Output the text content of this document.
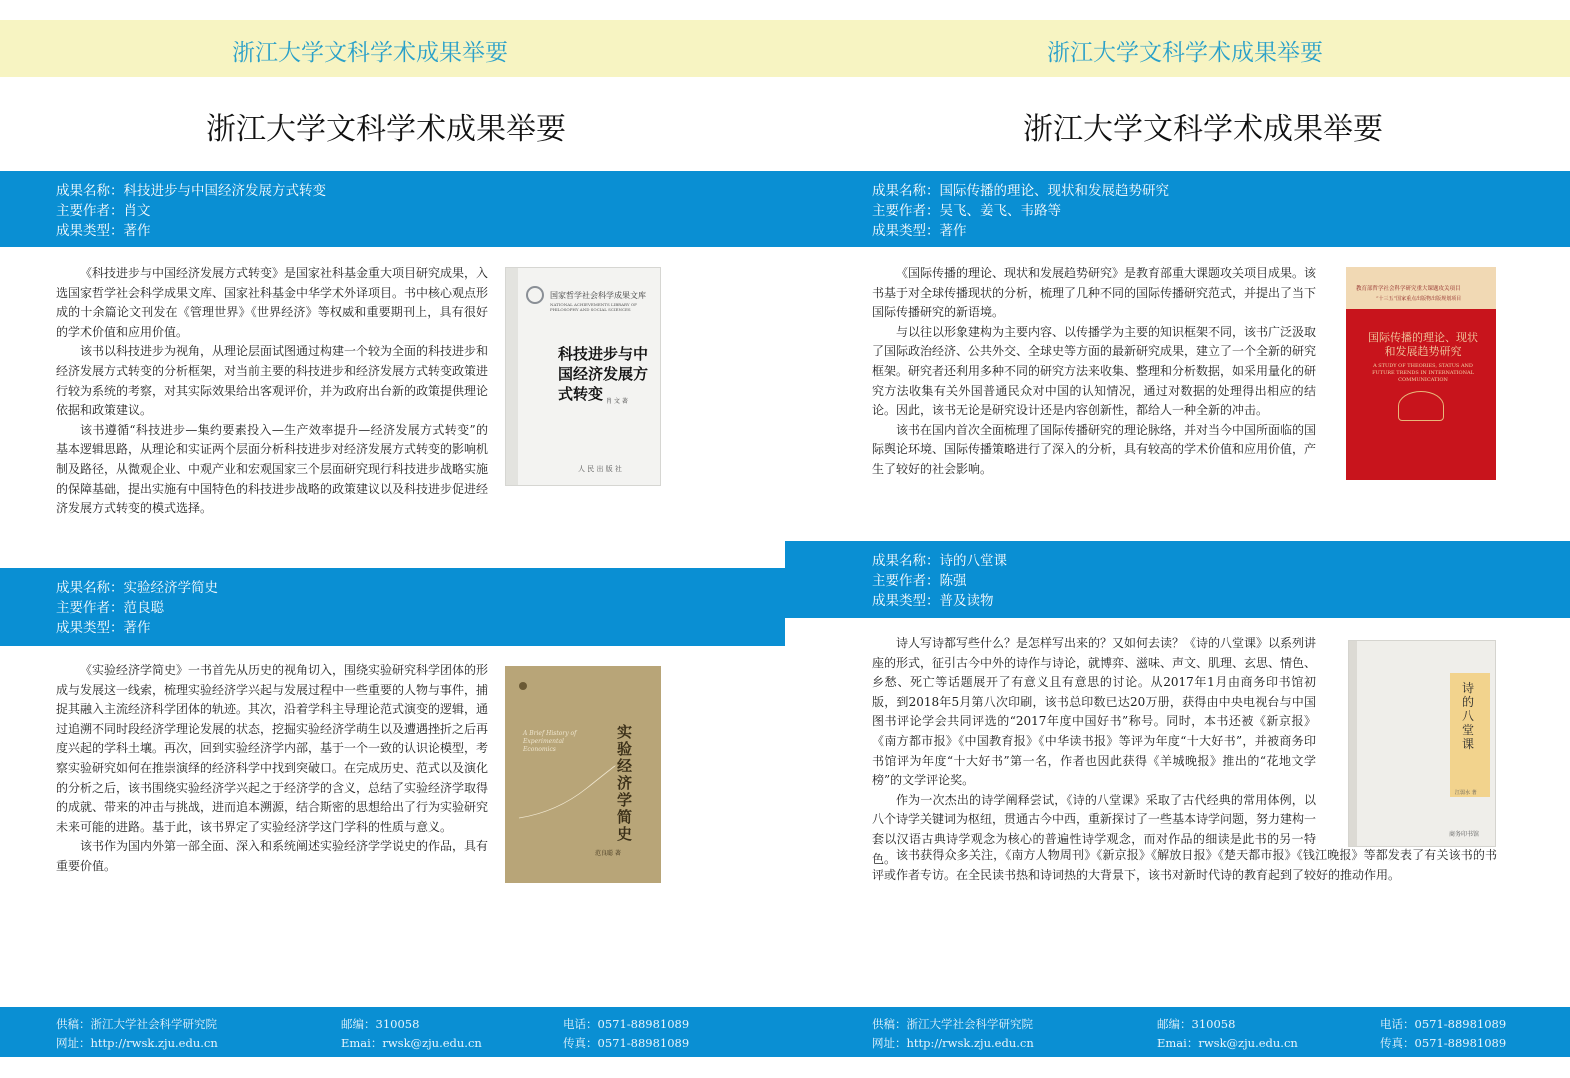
浙江大学文科学术成果举要
浙江大学文科学术成果举要
成果名称：科技进步与中国经济发展方式转变
主要作者：肖文
成果类型：著作

《科技进步与中国经济发展方式转变》是国家社科基金重大项目研究成果，入选国家哲学社会科学成果文库、国家社科基金中华学术外译项目。书中核心观点形成的十余篇论文刊发在《管理世界》《世界经济》等权威和重要期刊上，具有很好的学术价值和应用价值。

该书以科技进步为视角，从理论层面试图通过构建一个较为全面的科技进步和经济发展方式转变的分析框架，对当前主要的科技进步和经济发展方式转变政策进行较为系统的考察，对其实际效果给出客观评价，并为政府出台新的政策提供理论依据和政策建议。

该书遵循“科技进步—集约要素投入—生产效率提升—经济发展方式转变”的基本逻辑思路，从理论和实证两个层面分析科技进步对经济发展方式转变的影响机制及路径，从微观企业、中观产业和宏观国家三个层面研究现行科技进步战略实施的保障基础，提出实施有中国特色的科技进步战略的政策建议以及科技进步促进经济发展方式转变的模式选择。

国家哲学社会科学成果文库
NATIONAL ACHIEVEMENTS LIBRARY OF PHILOSOPHY AND SOCIAL SCIENCES
科技进步与中国经济发展方式转变 肖 文 著
人 民 出 版 社
成果名称：实验经济学简史
主要作者：范良聪
成果类型：著作

《实验经济学简史》一书首先从历史的视角切入，围绕实验研究科学团体的形成与发展这一线索，梳理实验经济学兴起与发展过程中一些重要的人物与事件，捕捉其融入主流经济科学团体的轨迹。其次，沿着学科主导理论范式演变的逻辑，通过追溯不同时段经济学理论发展的状态，挖掘实验经济学萌生以及遭遇挫折之后再度兴起的学科土壤。再次，回到实验经济学内部，基于一个一致的认识论模型，考察实验研究如何在推崇演绎的经济科学中找到突破口。在完成历史、范式以及演化的分析之后，该书围绕实验经济学兴起之于经济学的含义，总结了实验经济学取得的成就、带来的冲击与挑战，进而追本溯源，结合斯密的思想给出了行为实验研究未来可能的进路。基于此，该书界定了实验经济学这门学科的性质与意义。

该书作为国内外第一部全面、深入和系统阐述实验经济学学说史的作品，具有重要价值。

A Brief History of Experimental Economics
实验经济学简史
范良聪 著
供稿：浙江大学社会科学研究院	邮编：310058	电话：0571-88981089
网址：http://rwsk.zju.edu.cn	Emai：rwsk@zju.edu.cn	传真：0571-88981089
浙江大学文科学术成果举要
浙江大学文科学术成果举要
成果名称：国际传播的理论、现状和发展趋势研究
主要作者：吴飞、姜飞、韦路等
成果类型：著作

《国际传播的理论、现状和发展趋势研究》是教育部重大课题攻关项目成果。该书基于对全球传播现状的分析，梳理了几种不同的国际传播研究范式，并提出了当下国际传播研究的新语境。

与以往以形象建构为主要内容、以传播学为主要的知识框架不同，该书广泛汲取了国际政治经济、公共外交、全球史等方面的最新研究成果，建立了一个全新的研究框架。研究者还利用多种不同的研究方法来收集、整理和分析数据，如采用量化的研究方法收集有关外国普通民众对中国的认知情况，通过对数据的处理得出相应的结论。因此，该书无论是研究设计还是内容创新性，都给人一种全新的冲击。

该书在国内首次全面梳理了国际传播研究的理论脉络，并对当今中国所面临的国际舆论环境、国际传播策略进行了深入的分析，具有较高的学术价值和应用价值，产生了较好的社会影响。

教育部哲学社会科学研究重大课题攻关项目
“十三五”国家重点出版物出版规划项目
国际传播的理论、现状和发展趋势研究
A STUDY OF THEORIES, STATUS AND FUTURE TRENDS IN INTERNATIONAL COMMUNICATION
成果名称：诗的八堂课
主要作者：陈强
成果类型：普及读物

诗人写诗都写些什么？是怎样写出来的？又如何去读？《诗的八堂课》以系列讲座的形式，征引古今中外的诗作与诗论，就博弈、滋味、声文、肌理、玄思、情色、乡愁、死亡等话题展开了有意义且有意思的讨论。从2017年1月由商务印书馆初版，到2018年5月第八次印刷，该书总印数已达20万册，获得由中央电视台与中国图书评论学会共同评选的“2017年度中国好书”称号。同时，本书还被《新京报》《南方都市报》《中国教育报》《中华读书报》等评为年度“十大好书”，并被商务印书馆评为年度“十大好书”第一名，作者也因此获得《羊城晚报》推出的“花地文学榜”的文学评论奖。

作为一次杰出的诗学阐释尝试，《诗的八堂课》采取了古代经典的常用体例，以八个诗学关键词为枢纽，贯通古今中西，重新探讨了一些基本诗学问题，努力建构一套以汉语古典诗学观念为核心的普遍性诗学观念，而对作品的细读是此书的另一特色。 该书获得众多关注，《南方人物周刊》《新京报》《解放日报》《楚天都市报》《钱江晚报》等都发表了有关该书的书评或作者专访。在全民读书热和诗词热的大背景下，该书对新时代诗的教育起到了较好的推动作用。

诗的八堂课
江弱水 著
商务印书馆
供稿：浙江大学社会科学研究院	邮编：310058	电话：0571-88981089
网址：http://rwsk.zju.edu.cn	Emai：rwsk@zju.edu.cn	传真：0571-88981089
